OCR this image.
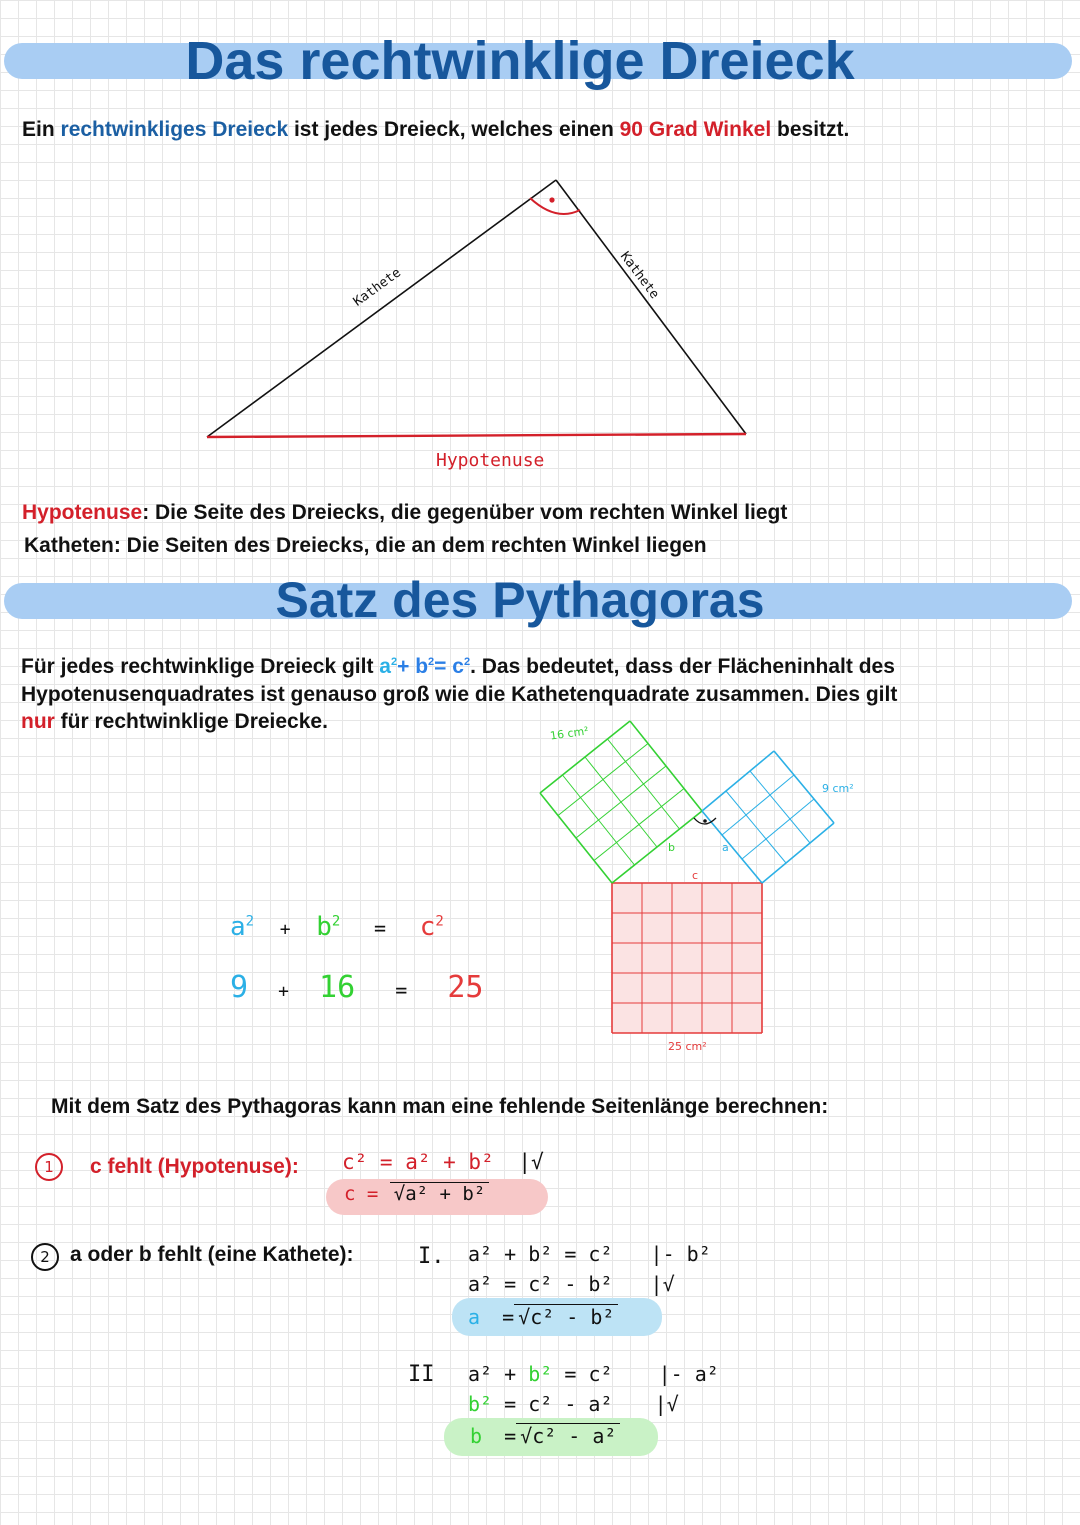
Das rechtwinklige Dreieck
Ein rechtwinkliges Dreieck ist jedes Dreieck, welches einen 90 Grad Winkel besitzt.
Kathete	Kathete
Hypotenuse
Hypotenuse: Die Seite des Dreiecks, die gegenüber vom rechten Winkel liegt
Katheten: Die Seiten des Dreiecks, die an dem rechten Winkel liegen
Satz des Pythagoras
Für jedes rechtwinklige Dreieck gilt $a^2+ b^2= c^2$. Das bedeutet, dass der Flächeninhalt des
Hypotenusenquadrates ist genauso groß wie die Kathetenquadrate zusammen. Dies gilt
nur für rechtwinklige Dreiecke.
$a^2 + b^2 = c^2$
9 + 16 = 25
16 cm²
9 cm²
25 cm²
b	a
c
Mit dem Satz des Pythagoras kann man eine fehlende Seitenlänge berechnen:
1	c fehlt (Hypotenuse): c² = a² + b² |√
c = √a² + b²
2 a oder b fehlt (eine Kathete):	I. a² + b² = c² |- b²
a² = c² - b² |√
a = √c² - b²
II a² + b² = c² |- a²
b² = c² - a² |√
b = √c² - a²
